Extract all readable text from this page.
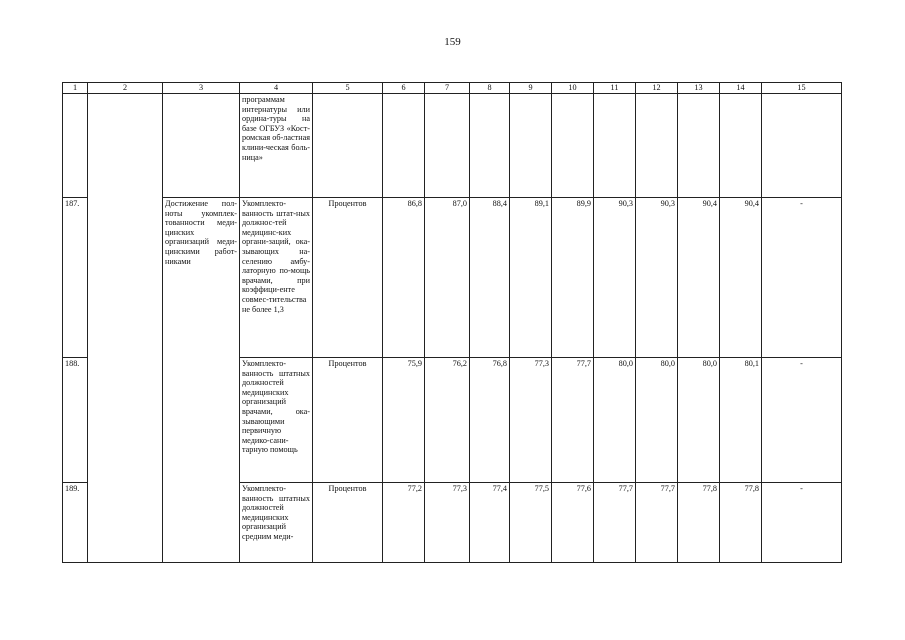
159
1	2	3	4	5	6	7	8	9	10	11	12	13	14	15
			программам интернатуры или ордина-туры на базе ОГБУЗ «Кост-ромская об-ластная клини-ческая боль-ница»											
187.		Достижение пол-ноты укомплек-тованности меди-цинских организаций меди-цинскими работ-никами	Укомплекто-ванность штат-ных должнос-тей медицинс-ких органи-заций, ока-зывающих на-селению амбу-латорную по-мощь врачами, при коэффици-енте совмес-тительства не более 1,3	Процентов	86,8	87,0	88,4	89,1	89,9	90,3	90,3	90,4	90,4	-
188.			Укомплекто-ванность штатных должностей медицинских организаций врачами, ока-зывающими первичную медико-сани-тарную помощь	Процентов	75,9	76,2	76,8	77,3	77,7	80,0	80,0	80,0	80,1	-
189.			Укомплекто-ванность штатных должностей медицинских организаций средним меди-	Процентов	77,2	77,3	77,4	77,5	77,6	77,7	77,7	77,8	77,8	-
